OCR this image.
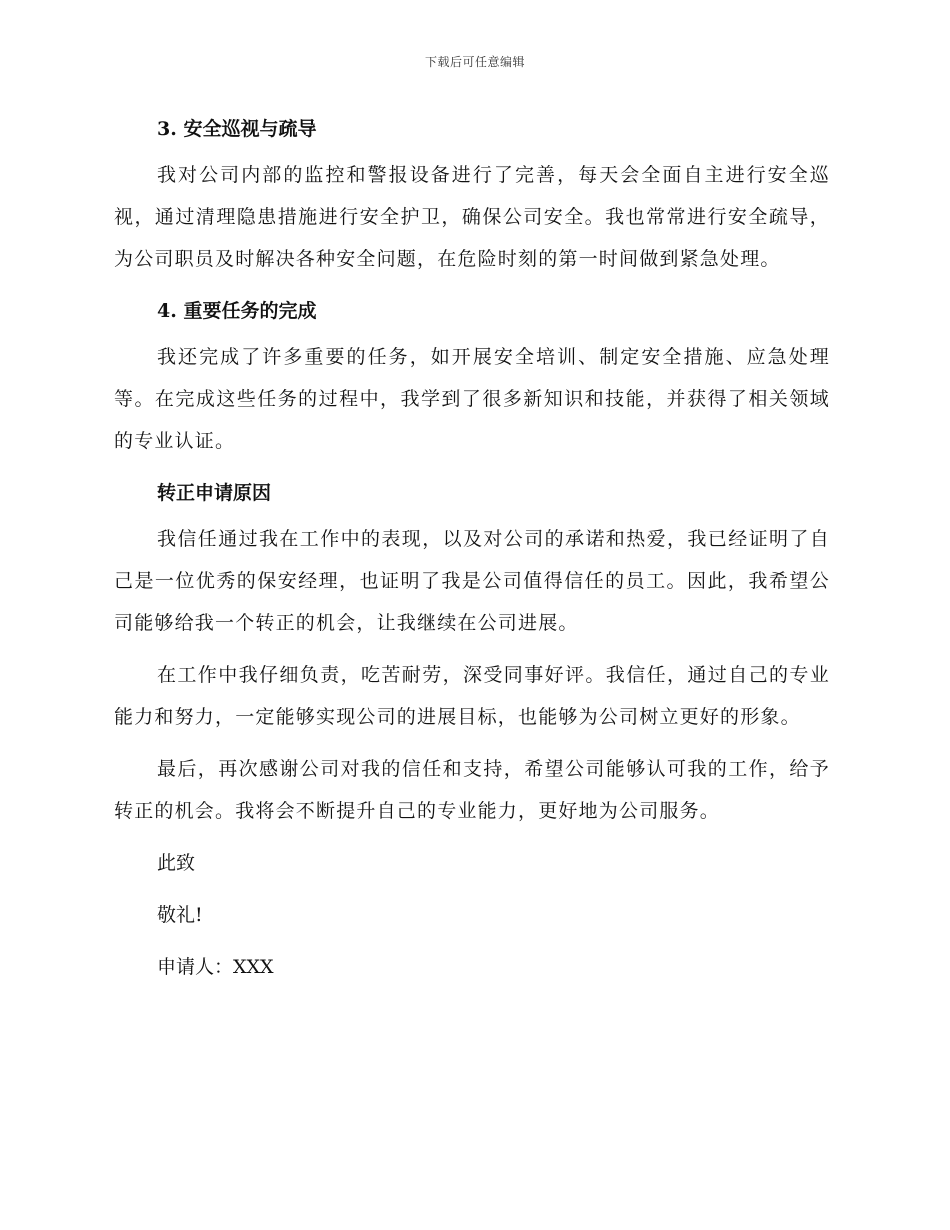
下载后可任意编辑
3. 安全巡视与疏导

我对公司内部的监控和警报设备进行了完善，每天会全面自主进行安全巡视，通过清理隐患措施进行安全护卫，确保公司安全。我也常常进行安全疏导，为公司职员及时解决各种安全问题，在危险时刻的第一时间做到紧急处理。

4. 重要任务的完成

我还完成了许多重要的任务，如开展安全培训、制定安全措施、应急处理等。在完成这些任务的过程中，我学到了很多新知识和技能，并获得了相关领域的专业认证。

转正申请原因

我信任通过我在工作中的表现，以及对公司的承诺和热爱，我已经证明了自己是一位优秀的保安经理，也证明了我是公司值得信任的员工。因此，我希望公司能够给我一个转正的机会，让我继续在公司进展。

在工作中我仔细负责，吃苦耐劳，深受同事好评。我信任，通过自己的专业能力和努力，一定能够实现公司的进展目标，也能够为公司树立更好的形象。

最后，再次感谢公司对我的信任和支持，希望公司能够认可我的工作，给予转正的机会。我将会不断提升自己的专业能力，更好地为公司服务。

此致

敬礼!

申请人：XXX
